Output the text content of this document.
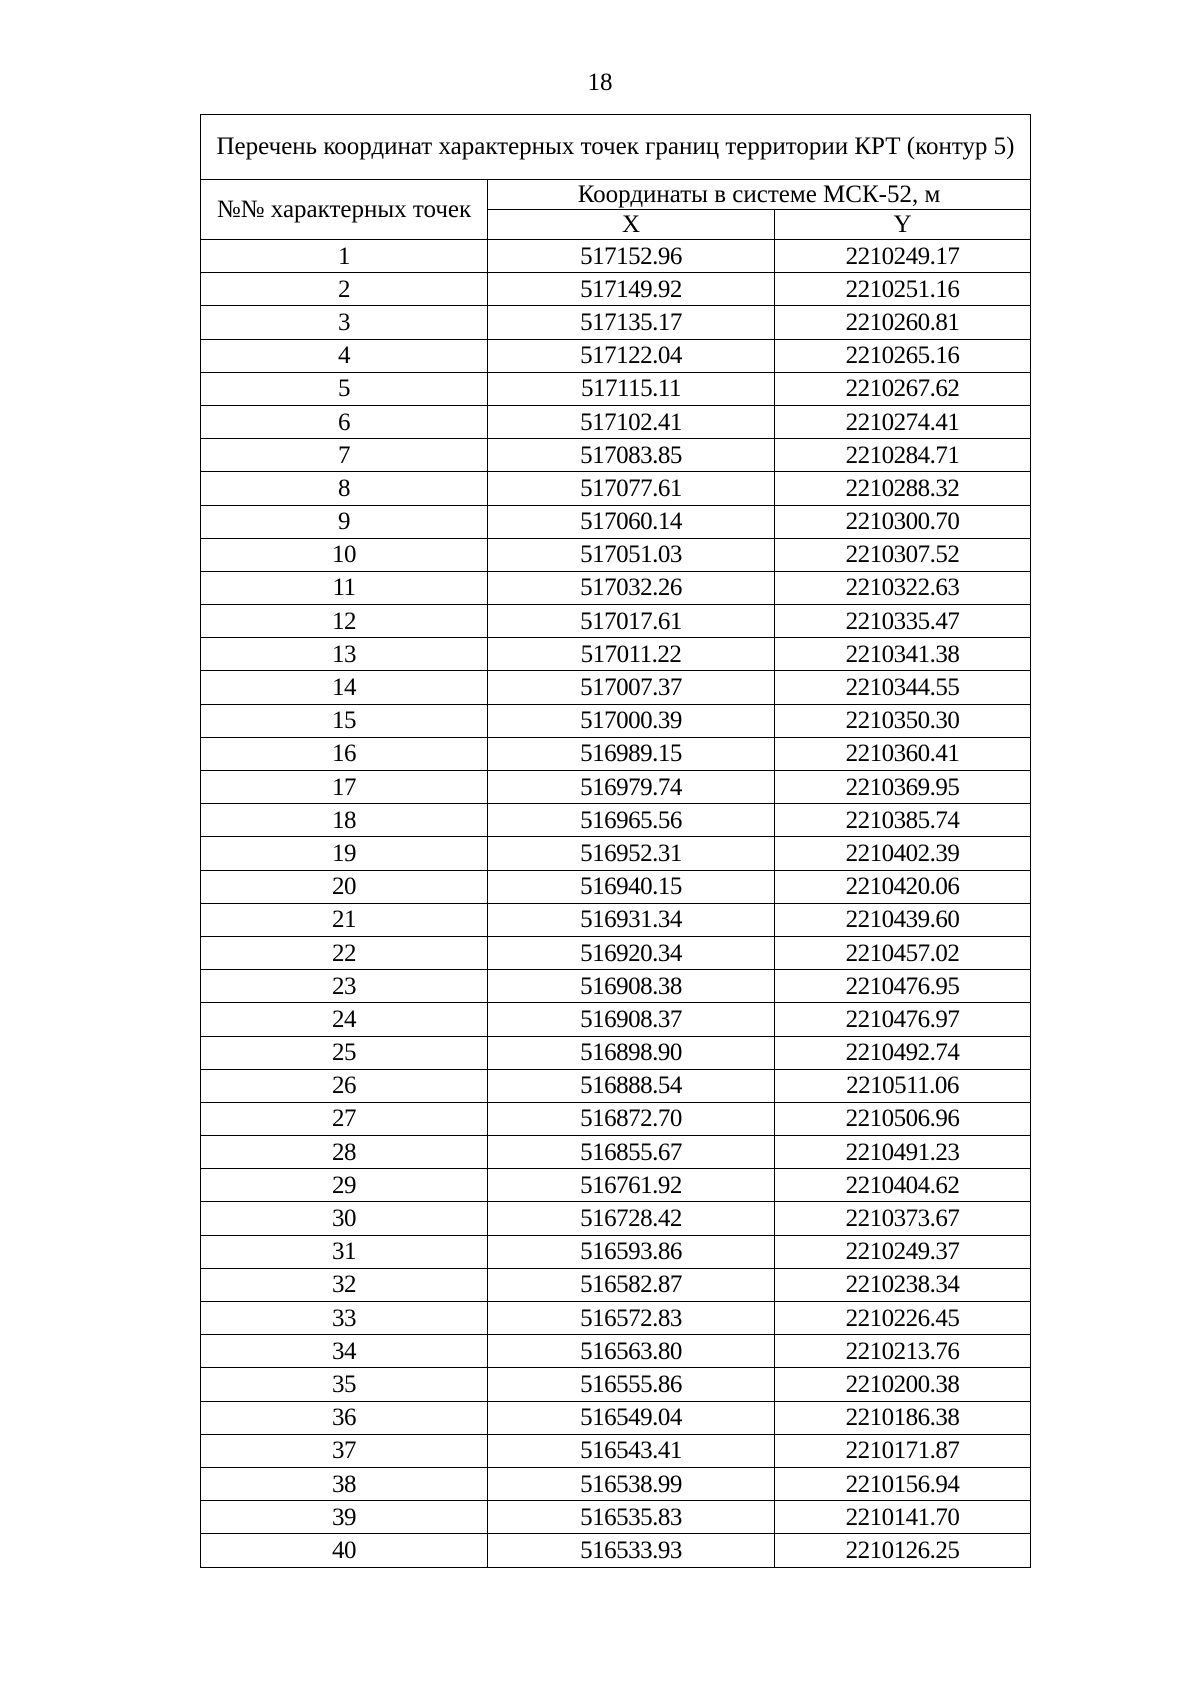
18
Перечень координат характерных точек границ территории КРТ (контур 5)		
№№ характерных точек	Координаты в системе МСК-52, м	
	X	Y
1	517152.96	2210249.17
2	517149.92	2210251.16
3	517135.17	2210260.81
4	517122.04	2210265.16
5	517115.11	2210267.62
6	517102.41	2210274.41
7	517083.85	2210284.71
8	517077.61	2210288.32
9	517060.14	2210300.70
10	517051.03	2210307.52
11	517032.26	2210322.63
12	517017.61	2210335.47
13	517011.22	2210341.38
14	517007.37	2210344.55
15	517000.39	2210350.30
16	516989.15	2210360.41
17	516979.74	2210369.95
18	516965.56	2210385.74
19	516952.31	2210402.39
20	516940.15	2210420.06
21	516931.34	2210439.60
22	516920.34	2210457.02
23	516908.38	2210476.95
24	516908.37	2210476.97
25	516898.90	2210492.74
26	516888.54	2210511.06
27	516872.70	2210506.96
28	516855.67	2210491.23
29	516761.92	2210404.62
30	516728.42	2210373.67
31	516593.86	2210249.37
32	516582.87	2210238.34
33	516572.83	2210226.45
34	516563.80	2210213.76
35	516555.86	2210200.38
36	516549.04	2210186.38
37	516543.41	2210171.87
38	516538.99	2210156.94
39	516535.83	2210141.70
40	516533.93	2210126.25
